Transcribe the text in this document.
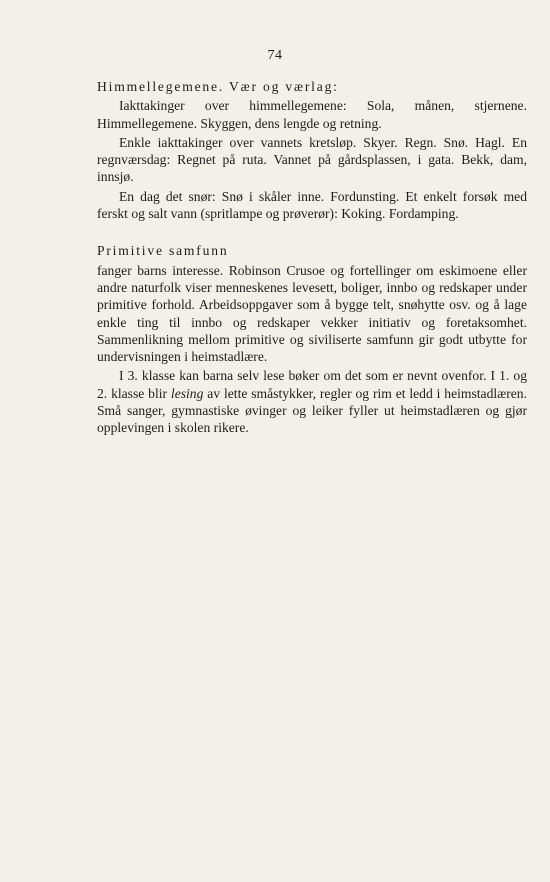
74
Himmellegemene. Vær og værlag:

Iakttakinger over himmellegemene: Sola, månen, stjernene. Himmellegemene. Skyggen, dens lengde og retning.

Enkle iakttakinger over vannets kretsløp. Skyer. Regn. Snø. Hagl. En regnværsdag: Regnet på ruta. Vannet på gårdsplassen, i gata. Bekk, dam, innsjø.

En dag det snør: Snø i skåler inne. Fordunsting. Et enkelt forsøk med ferskt og salt vann (spritlampe og prøverør): Koking. Fordamping.

Primitive samfunn

fanger barns interesse. Robinson Crusoe og fortellinger om eskimoene eller andre naturfolk viser menneskenes levesett, boliger, innbo og redskaper under primitive forhold. Arbeidsoppgaver som å bygge telt, snøhytte osv. og å lage enkle ting til innbo og redskaper vekker initiativ og foretaksomhet. Sammenlikning mellom primitive og siviliserte samfunn gir godt utbytte for undervisningen i heimstadlære.

I 3. klasse kan barna selv lese bøker om det som er nevnt ovenfor. I 1. og 2. klasse blir lesing av lette småstykker, regler og rim et ledd i heimstadlæren. Små sanger, gymnastiske øvinger og leiker fyller ut heimstadlæren og gjør opplevingen i skolen rikere.
